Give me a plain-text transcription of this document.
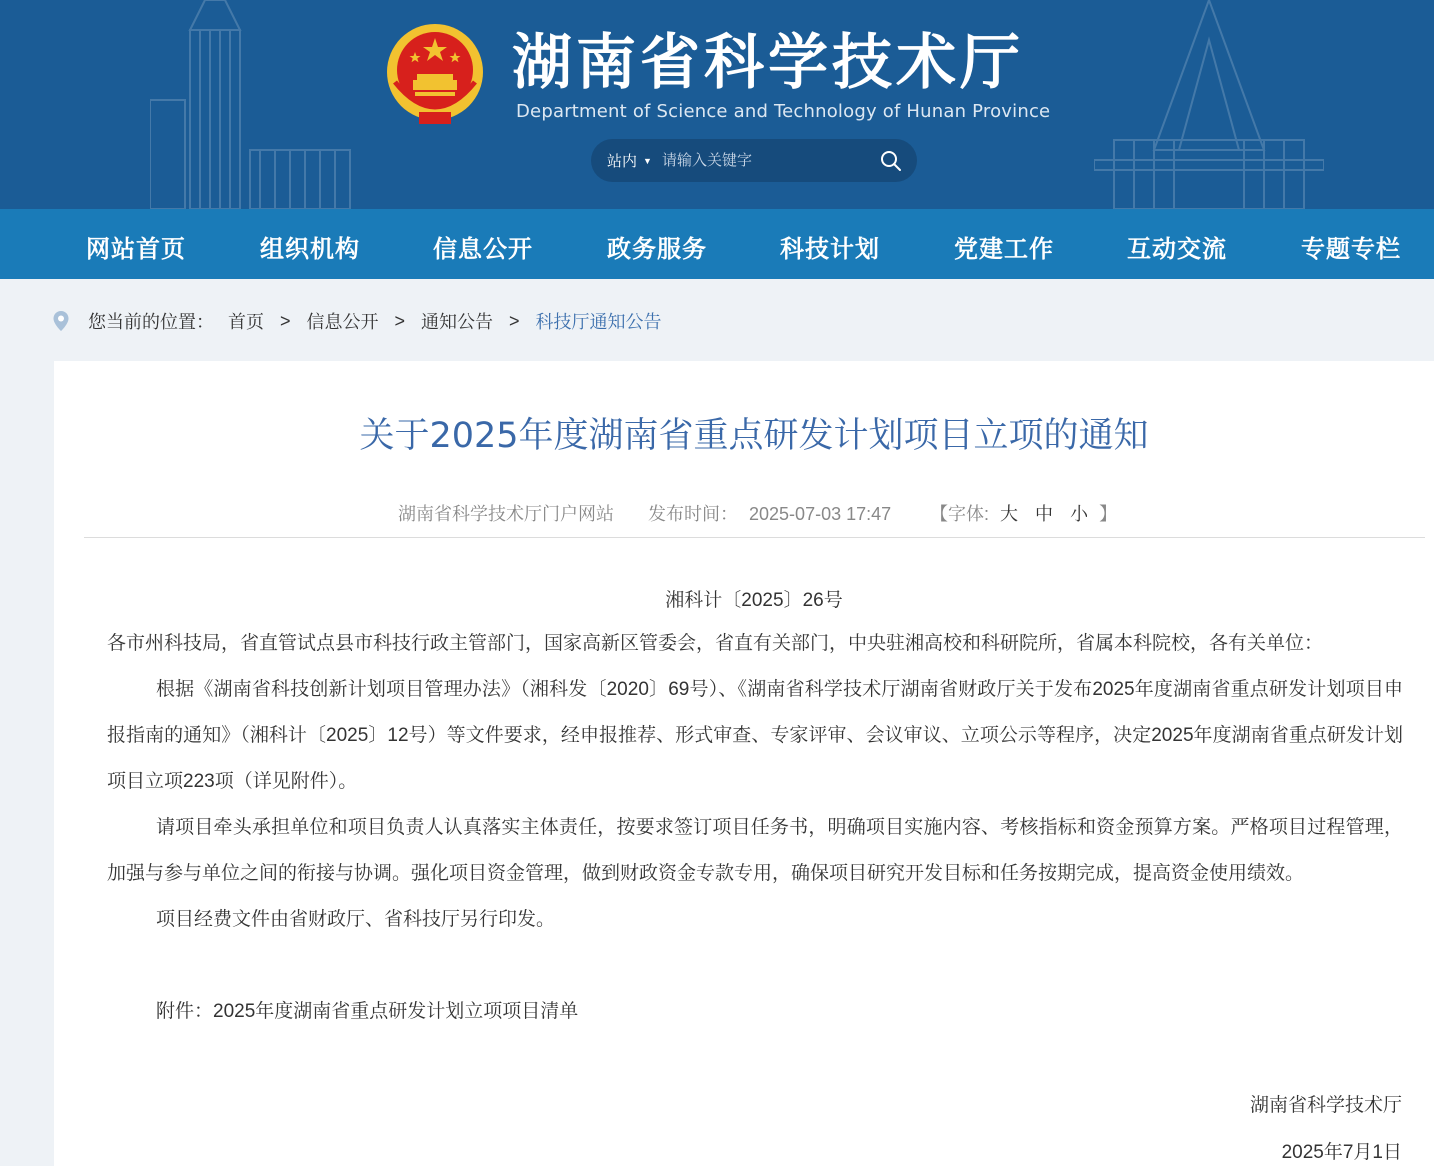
湖南省科学技术厅
Department of Science and Technology of Hunan Province
站内 ▼
请输入关键字
网站首页	组织机构	信息公开	政务服务	科技计划	党建工作	互动交流	专题专栏
您当前的位置： 首页 > 信息公开 > 通知公告 > 科技厅通知公告
关于2025年度湖南省重点研发计划项目立项的通知
湖南省科学技术厅门户网站 发布时间： 2025-07-03 17:47 【字体: 大 中 小 】
湘科计〔2025〕26号
各市州科技局，省直管试点县市科技行政主管部门，国家高新区管委会，省直有关部门，中央驻湘高校和科研院所，省属本科院校，各有关单位：
根据《湖南省科技创新计划项目管理办法》（湘科发〔2020〕69号）、《湖南省科学技术厅湖南省财政厅关于发布2025年度湖南省重点研发计划项目申报指南的通知》（湘科计〔2025〕12号）等文件要求，经申报推荐、形式审查、专家评审、会议审议、立项公示等程序，决定2025年度湖南省重点研发计划项目立项223项（详见附件）。
请项目牵头承担单位和项目负责人认真落实主体责任，按要求签订项目任务书，明确项目实施内容、考核指标和资金预算方案。严格项目过程管理，加强与参与单位之间的衔接与协调。强化项目资金管理，做到财政资金专款专用，确保项目研究开发目标和任务按期完成，提高资金使用绩效。
项目经费文件由省财政厅、省科技厅另行印发。
附件：2025年度湖南省重点研发计划立项项目清单
湖南省科学技术厅
2025年7月1日
